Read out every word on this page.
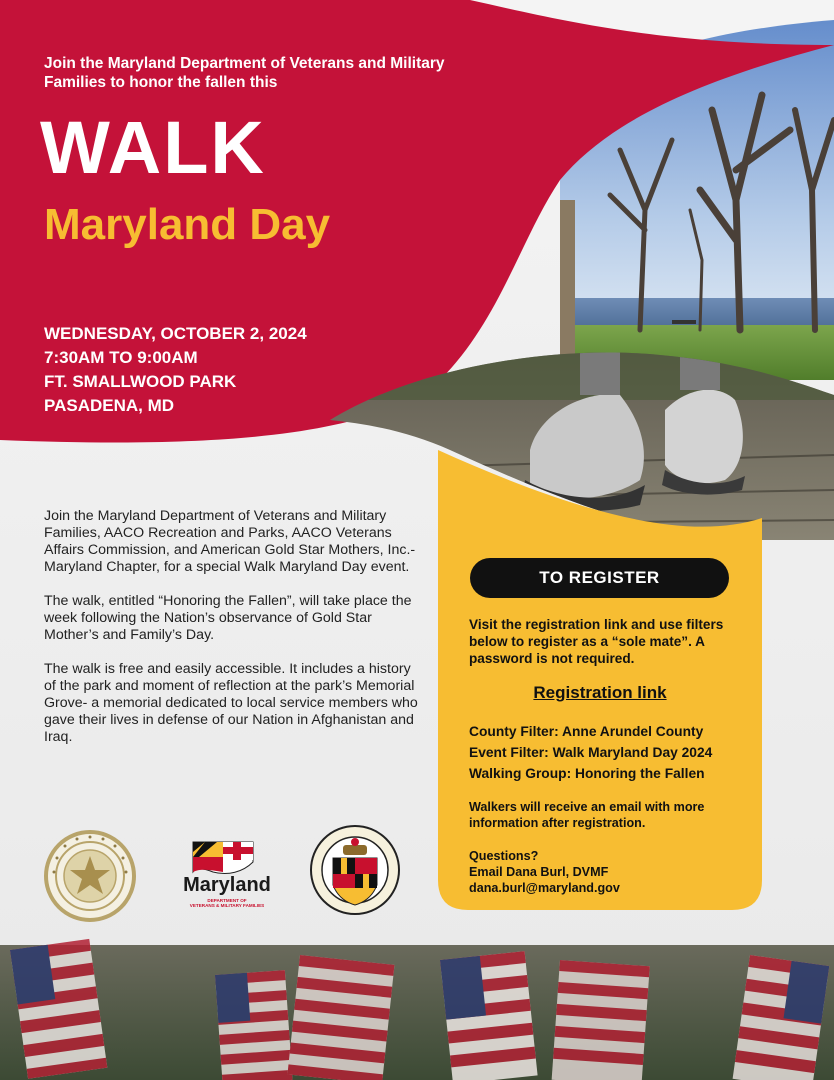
Join the Maryland Department of Veterans and Military Families to honor the fallen this
WALK
Maryland Day
WEDNESDAY, OCTOBER 2, 2024
7:30AM TO 9:00AM
FT. SMALLWOOD PARK
PASADENA, MD

Join the Maryland Department of Veterans and Military Families, AACO Recreation and Parks, AACO Veterans Affairs Commission, and American Gold Star Mothers, Inc.-Maryland Chapter, for a special Walk Maryland Day event.

The walk, entitled “Honoring the Fallen”, will take place the week following the Nation’s observance of Gold Star Mother’s and Family’s Day.

The walk is free and easily accessible. It includes a history of the park and moment of reflection at the park’s Memorial Grove- a memorial dedicated to local service members who gave their lives in defense of our Nation in Afghanistan and Iraq.

TO REGISTER
Visit the registration link and use filters below to register as a “sole mate”. A password is not required.
Registration link
County Filter: Anne Arundel County
Event Filter: Walk Maryland Day 2024
Walking Group: Honoring the Fallen
Walkers will receive an email with more information after registration.
Questions?
Email Dana Burl, DVMF
dana.burl@maryland.gov
Maryland
DEPARTMENT OF
VETERANS & MILITARY FAMILIES
